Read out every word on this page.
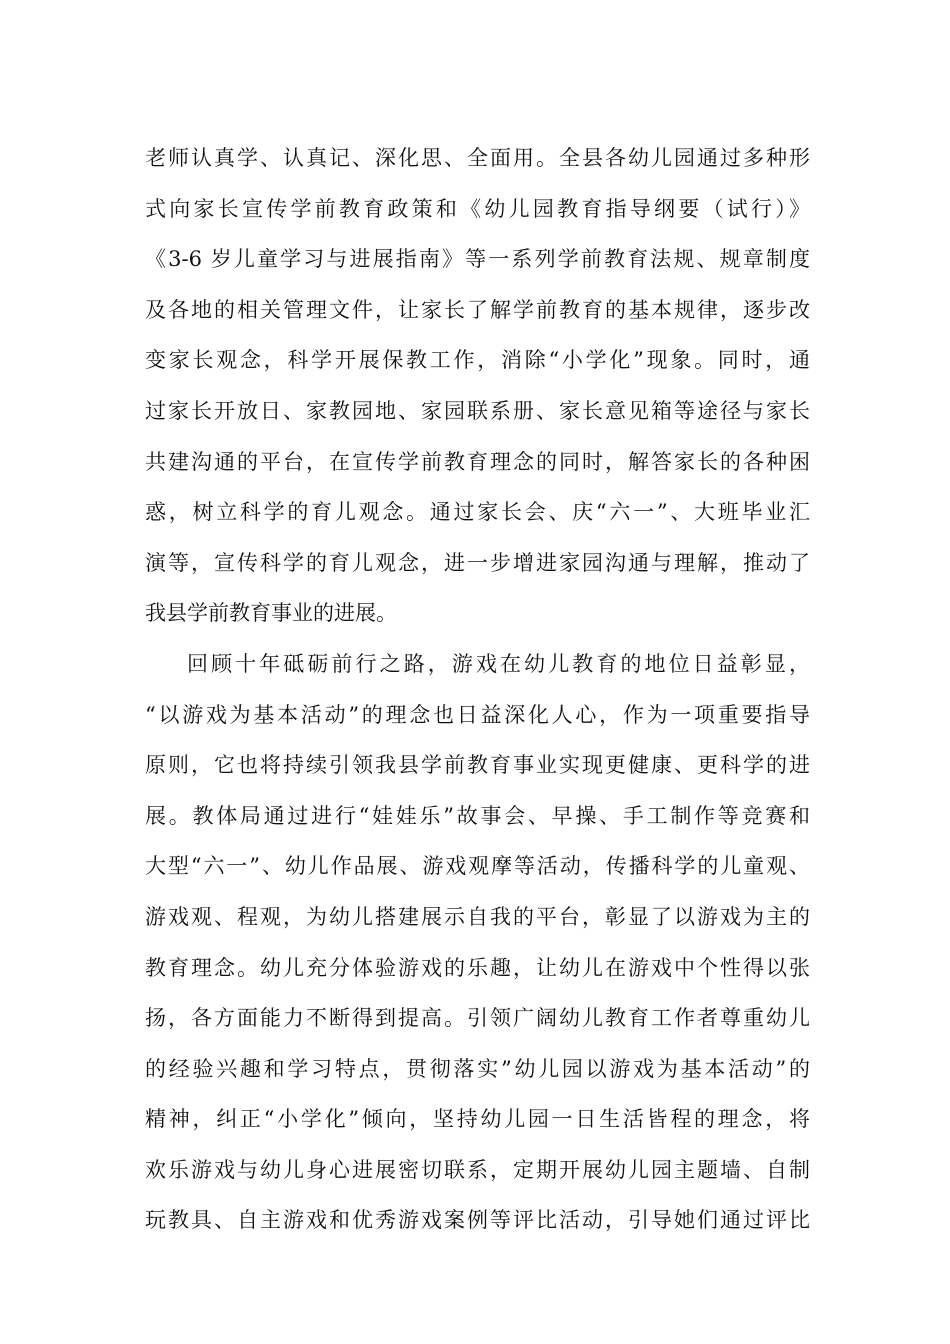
老师认真学、认真记、深化思、全面用。全县各幼儿园通过多种形
式向家长宣传学前教育政策和《幼儿园教育指导纲要（试行）》
《3-6 岁儿童学习与进展指南》等一系列学前教育法规、规章制度
及各地的相关管理文件，让家长了解学前教育的基本规律，逐步改
变家长观念，科学开展保教工作，消除“小学化”现象。同时，通
过家长开放日、家教园地、家园联系册、家长意见箱等途径与家长
共建沟通的平台，在宣传学前教育理念的同时，解答家长的各种困
惑，树立科学的育儿观念。通过家长会、庆“六一”、大班毕业汇
演等，宣传科学的育儿观念，进一步增进家园沟通与理解，推动了
我县学前教育事业的进展。
回顾十年砥砺前行之路，游戏在幼儿教育的地位日益彰显，
“以游戏为基本活动”的理念也日益深化人心，作为一项重要指导
原则，它也将持续引领我县学前教育事业实现更健康、更科学的进
展。教体局通过进行“娃娃乐”故事会、早操、手工制作等竞赛和
大型“六一”、幼儿作品展、游戏观摩等活动，传播科学的儿童观、
游戏观、程观，为幼儿搭建展示自我的平台，彰显了以游戏为主的
教育理念。幼儿充分体验游戏的乐趣，让幼儿在游戏中个性得以张
扬，各方面能力不断得到提高。引领广阔幼儿教育工作者尊重幼儿
的经验兴趣和学习特点，贯彻落实”幼儿园以游戏为基本活动”的
精神，纠正“小学化”倾向，坚持幼儿园一日生活皆程的理念，将
欢乐游戏与幼儿身心进展密切联系，定期开展幼儿园主题墙、自制
玩教具、自主游戏和优秀游戏案例等评比活动，引导她们通过评比
